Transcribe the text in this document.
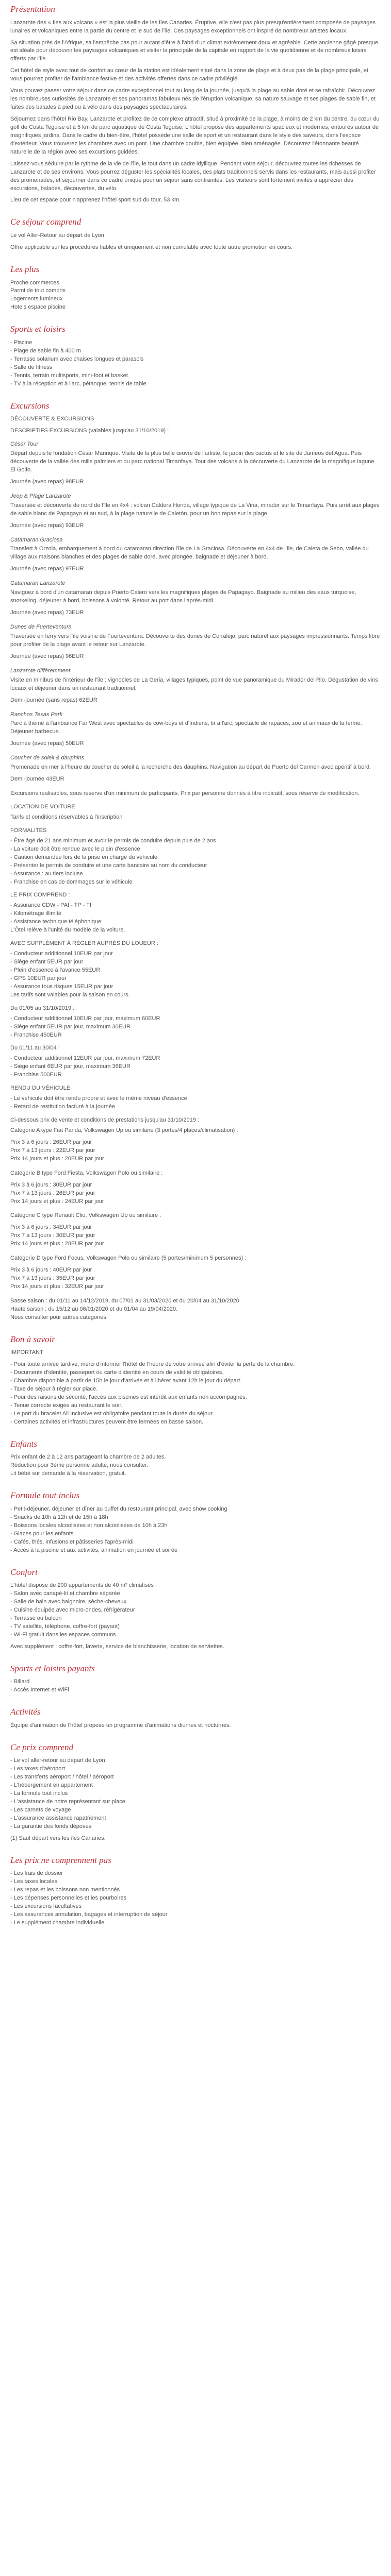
Présentation

Lanzarote des « îles aux volcans » est la plus vieille de les îles Canaries. Éruptive, elle n'est pas plus presqu'entièrement composée de paysages lunaires et volcaniques entre la partie du centre et le sud de l'île. Ces paysages exceptionnels ont inspiré de nombreux artistes locaux.

Sa situation près de l'Afrique, sa l'empêche pas pour autant d'être à l'abri d'un climat extrêmement doux et agréable. Cette ancienne gâgé presque est idéale pour découvrir les paysages volcaniques et visiter la principale de la capitale en rapport de la vie quotidienne et de nombreux loisirs offerts par l'île.

Cet hôtel de style avec tout de confort au cœur de la station est idéalement situé dans la zone de plage et à deux pas de la plage principale, et vous pourrez profiter de l'ambiance festive et des activités offertes dans ce cadre privilégié.

Vous pouvez passer votre séjour dans ce cadre exceptionnel tout au long de la journée, jusqu'à la plage au sable doré et se rafraîchir. Découvrez les nombreuses curiosités de Lanzarote et ses panoramas fabuleux nés de l'éruption volcanique, sa nature sauvage et ses plages de sable fin, et faites des balades à pied ou à vélo dans des paysages spectaculaires.

Séjournez dans l'hôtel Rio Bay, Lanzarote et profitez de ce complexe attractif, situé à proximité de la plage, à moins de 2 km du centre, du cœur du golf de Costa Teguise et à 5 km du parc aquatique de Costa Teguise. L'hôtel propose des appartements spacieux et modernes, entourés autour de magnifiques jardins. Dans le cadre du bien-être, l'hôtel possède une salle de sport et un restaurant dans le style des saveurs, dans l'espace d'extérieur. Vous trouverez les chambres avec un pont. Une chambre double, bien équipée, bien aménagée. Découvrez l'étonnante beauté naturelle de la région avec ses excursions guidées.

Laissez-vous séduire par le rythme de la vie de l'île, le tout dans un cadre idyllique. Pendant votre séjour, découvrez toutes les richesses de Lanzarote et de ses environs. Vous pourrez déguster les spécialités locales, des plats traditionnels servis dans les restaurants, mais aussi profiter des promenades, et séjourner dans ce cadre unique pour un séjour sans contraintes. Les visiteurs sont fortement invités à apprécier des excursions, balades, découvertes, du vélo.

Lieu de cet espace pour n'apprenez l'hôtel sport sud du tour, 53 km.

Ce séjour comprend

Le vol Aller-Retour au départ de Lyon

Offre applicable sur les procédures fiables et uniquement et non cumulable avec toute autre promotion en cours.

Les plus

Proche commerces

Parmi de tout compris

Logements lumineux

Hotels espace piscine

Sports et loisirs

- Piscine

- Plage de sable fin à 400 m

- Terrasse solarium avec chaises longues et parasols

- Salle de fitness

- Tennis, terrain multisports, mini-foot et basket

- TV à la réception et à l'arc, pétanque, tennis de table

Excursions

DÉCOUVERTE & EXCURSIONS

DESCRIPTIFS EXCURSIONS (valables jusqu'au 31/10/2019) :

César Tour

Départ depuis le fondation César Manrique. Visite de la plus belle œuvre de l'artiste, le jardin des cactus et le site de Jameos del Agua. Puis découverte de la vallée des mille palmiers et du parc national Timanfaya. Tour des volcans à la découverte du Lanzarote de la magnifique lagune El Golfo.

Journée (avec repas) 98EUR

Jeep & Plage Lanzarote

Traversée et découverte du nord de l'île en 4x4 : volcan Caldera Honda, village typique de La Vina, mirador sur le Timanfaya. Puis arrêt aux plages de sable blanc de Papagayo et au sud, à la plage naturelle de Caletón, pour un bon repas sur la plage.

Journée (avec repas) 93EUR

Catamaran Graciosa

Transfert à Orzola, embarquement à bord du catamaran direction l'île de La Graciosa. Découverte en 4x4 de l'île, de Caleta de Sebo, vallée du village aux maisons blanches et des plages de sable doré, avec plongée, baignade et déjeuner à bord.

Journée (avec repas) 97EUR

Catamaran Lanzarote

Naviguez à bord d'un catamaran depuis Puerto Calero vers les magnifiques plages de Papagayo. Baignade au milieu des eaux turquoise, snorkeling, déjeuner à bord, boissons à volonté. Retour au port dans l'après-midi.

Journée (avec repas) 73EUR

Dunes de Fuerteventura

Traversée en ferry vers l'île voisine de Fuerteventura. Découverte des dunes de Corralejo, parc naturel aux paysages impressionnants. Temps libre pour profiter de la plage avant le retour sur Lanzarote.

Journée (avec repas) 96EUR

Lanzarote différemment

Visite en minibus de l'intérieur de l'île : vignobles de La Geria, villages typiques, point de vue panoramique du Mirador del Río. Dégustation de vins locaux et déjeuner dans un restaurant traditionnel.

Demi-journée (sans repas) 62EUR

Ranchos Texas Park

Parc à thème à l'ambiance Far West avec spectacles de cow-boys et d'Indiens, tir à l'arc, spectacle de rapaces, zoo et animaux de la ferme. Déjeuner barbecue.

Journée (avec repas) 50EUR

Coucher de soleil & dauphins

Promenade en mer à l'heure du coucher de soleil à la recherche des dauphins. Navigation au départ de Puerto del Carmen avec apéritif à bord.

Demi-journée 43EUR

Excursions réalisables, sous réserve d'un minimum de participants. Prix par personne donnés à titre indicatif, sous réserve de modification.

LOCATION DE VOITURE

Tarifs et conditions réservables à l'inscription

FORMALITÉS

- Être âgé de 21 ans minimum et avoir le permis de conduire depuis plus de 2 ans

- La voiture doit être rendue avec le plein d'essence

- Caution demandée lors de la prise en charge du véhicule

- Présenter le permis de conduire et une carte bancaire au nom du conducteur

- Assurance : au tiers incluse

- Franchise en cas de dommages sur le véhicule

LE PRIX COMPREND :

- Assurance CDW - PAI - TP - TI

- Kilométrage illimité

- Assistance technique téléphonique

L'Ôtel relève à l'unité du modèle de la voiture.

AVEC SUPPLÉMENT À RÉGLER AUPRÈS DU LOUEUR :

- Conducteur additionnel 10EUR par jour

- Siège enfant 5EUR par jour

- Plein d'essence à l'avance 55EUR

- GPS 10EUR par jour

- Assurance tous risques 15EUR par jour

Les tarifs sont valables pour la saison en cours.

Du 01/05 au 31/10/2019 :

- Conducteur additionnel 10EUR par jour, maximum 60EUR

- Siège enfant 5EUR par jour, maximum 30EUR

- Franchise 450EUR

Du 01/11 au 30/04 :

- Conducteur additionnel 12EUR par jour, maximum 72EUR

- Siège enfant 6EUR par jour, maximum 36EUR

- Franchise 500EUR

RENDU DU VÉHICULE

- Le véhicule doit être rendu propre et avec le même niveau d'essence

- Retard de restitution facturé à la journée

Ci-dessous prix de vente et conditions de prestations jusqu'au 31/10/2019 :

Catégorie A type Fiat Panda, Volkswagen Up ou similaire (3 portes/4 places/climatisation) :

Prix 3 à 6 jours : 26EUR par jour

Prix 7 à 13 jours : 22EUR par jour

Prix 14 jours et plus : 20EUR par jour

Catégorie B type Ford Fiesta, Volkswagen Polo ou similaire :

Prix 3 à 6 jours : 30EUR par jour

Prix 7 à 13 jours : 26EUR par jour

Prix 14 jours et plus : 24EUR par jour

Catégorie C type Renault Clio, Volkswagen Up ou similaire :

Prix 3 à 6 jours : 34EUR par jour

Prix 7 à 13 jours : 30EUR par jour

Prix 14 jours et plus : 28EUR par jour

Catégorie D type Ford Focus, Volkswagen Polo ou similaire (5 portes/minimum 5 personnes) :

Prix 3 à 6 jours : 40EUR par jour

Prix 7 à 13 jours : 35EUR par jour

Prix 14 jours et plus : 32EUR par jour

Basse saison : du 01/11 au 14/12/2019, du 07/01 au 31/03/2020 et du 20/04 au 31/10/2020.

Haute saison : du 15/12 au 06/01/2020 et du 01/04 au 19/04/2020.

Nous consulter pour autres catégories.

Bon à savoir

IMPORTANT

- Pour toute arrivée tardive, merci d'informer l'hôtel de l'heure de votre arrivée afin d'éviter la perte de la chambre.

- Documents d'identité, passeport ou carte d'identité en cours de validité obligatoires.

- Chambre disponible à partir de 15h le jour d'arrivée et à libérer avant 12h le jour du départ.

- Taxe de séjour à régler sur place.

- Pour des raisons de sécurité, l'accès aux piscines est interdit aux enfants non accompagnés.

- Tenue correcte exigée au restaurant le soir.

- Le port du bracelet All Inclusive est obligatoire pendant toute la durée du séjour.

- Certaines activités et infrastructures peuvent être fermées en basse saison.

Enfants

Prix enfant de 2 à 12 ans partageant la chambre de 2 adultes.

Réduction pour 3ème personne adulte, nous consulter.

Lit bébé sur demande à la réservation, gratuit.

Formule tout inclus

- Petit-déjeuner, déjeuner et dîner au buffet du restaurant principal, avec show cooking

- Snacks de 10h à 12h et de 15h à 18h

- Boissons locales alcoolisées et non alcoolisées de 10h à 23h

- Glaces pour les enfants

- Cafés, thés, infusions et pâtisseries l'après-midi

- Accès à la piscine et aux activités, animation en journée et soirée

Confort

L'hôtel dispose de 200 appartements de 40 m² climatisés :

- Salon avec canapé-lit et chambre séparée

- Salle de bain avec baignoire, sèche-cheveux

- Cuisine équipée avec micro-ondes, réfrigérateur

- Terrasse ou balcon

- TV satellite, téléphone, coffre-fort (payant)

- Wi-Fi gratuit dans les espaces communs

Avec supplément : coffre-fort, laverie, service de blanchisserie, location de serviettes.

Sports et loisirs payants

- Billard

- Accès Internet et WiFi

Activités

Équipe d'animation de l'hôtel propose un programme d'animations diurnes et nocturnes.

Ce prix comprend

- Le vol aller-retour au départ de Lyon

- Les taxes d'aéroport

- Les transferts aéroport / hôtel / aéroport

- L'hébergement en appartement

- La formule tout inclus

- L'assistance de notre représentant sur place

- Les carnets de voyage

- L'assurance assistance rapatriement

- La garantie des fonds déposés

(1) Sauf départ vers les îles Canaries.

Les prix ne comprennent pas

- Les frais de dossier

- Les taxes locales

- Les repas et les boissons non mentionnés

- Les dépenses personnelles et les pourboires

- Les excursions facultatives

- Les assurances annulation, bagages et interruption de séjour

- Le supplément chambre individuelle
